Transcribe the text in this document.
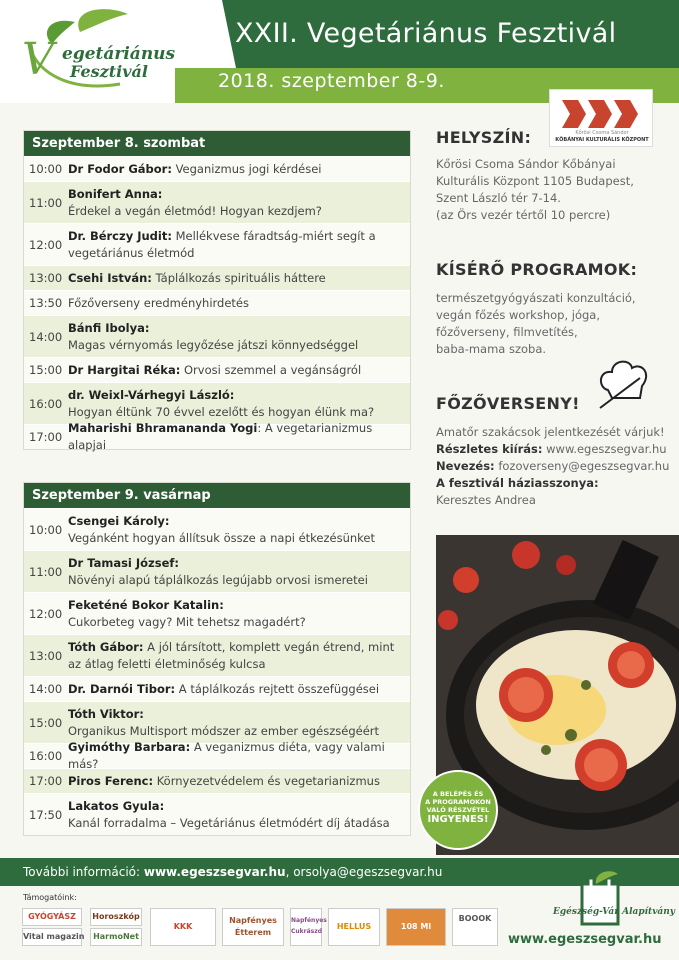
V egetáriánus
Fesztivál
XXII. Vegetáriánus Fesztivál
2018. szeptember 8-9.
Szeptember 8. szombat
10:00 Dr Fodor Gábor: Veganizmus jogi kérdései
11:00
Bonifert Anna:
Érdekel a vegán életmód! Hogyan kezdjem?
12:00
Dr. Bérczy Judit: Mellékvese fáradtság-miért segít a vegetáriánus életmód
13:00 Csehi István: Táplálkozás spirituális háttere
13:50 Főzőverseny eredményhirdetés
14:00
Bánfi Ibolya:
Magas vérnyomás legyőzése játszi könnyedséggel
15:00 Dr Hargitai Réka: Orvosi szemmel a vegánságról
16:00
dr. Weixl-Várhegyi László:
Hogyan éltünk 70 évvel ezelőtt és hogyan élünk ma?
17:00
Maharishi Bhramananda Yogi: A vegetarianizmus alapjai
Szeptember 9. vasárnap
10:00
Csengei Károly:
Vegánként hogyan állítsuk össze a napi étkezésünket
11:00
Dr Tamasi József:
Növényi alapú táplálkozás legújabb orvosi ismeretei
12:00
Feketéné Bokor Katalin:
Cukorbeteg vagy? Mit tehetsz magadért?
13:00
Tóth Gábor: A jól társított, komplett vegán étrend, mint az átlag feletti életminőség kulcsa
14:00 Dr. Darnói Tibor: A táplálkozás rejtett összefüggései
15:00
Tóth Viktor:
Organikus Multisport módszer az ember egészségéért
16:00
Gyimóthy Barbara: A veganizmus diéta, vagy valami más?
17:00 Piros Ferenc: Környezetvédelem és vegetarianizmus
17:50
Lakatos Gyula:
Kanál forradalma – Vegetáriánus életmódért díj átadása
Kőrösi Csoma Sándor
KŐBÁNYAI KULTURÁLIS KÖZPONT
HELYSZÍN:
Kőrösi Csoma Sándor Kőbányai
Kulturális Központ 1105 Budapest,
Szent László tér 7-14.
(az Örs vezér tértől 10 percre)
KÍSÉRŐ PROGRAMOK:
természetgyógyászati konzultáció,
vegán főzés workshop, jóga,
főzőverseny, filmvetítés,
baba-mama szoba.
FŐZŐVERSENY!
Amatőr szakácsok jelentkezését várjuk!
Részletes kiírás: www.egeszsegvar.hu
Nevezés: fozoverseny@egeszsegvar.hu
A fesztivál háziasszonya:
Keresztes Andrea
A BELÉPÉS ÉS
A PROGRAMOKON
VALÓ RÉSZVÉTEL
INGYENES!
További információ: www.egeszsegvar.hu, orsolya@egeszsegvar.hu
Támogatóink:
GYÓGYÁSZ
Vital magazin
Horoszkóp
HarmoNet
KKK
Napfényes Étterem
Napfényes Cukrászd
HELLUS	108 Ml
BOOOK
Egészség-Vár Alapítvány
www.egeszsegvar.hu
